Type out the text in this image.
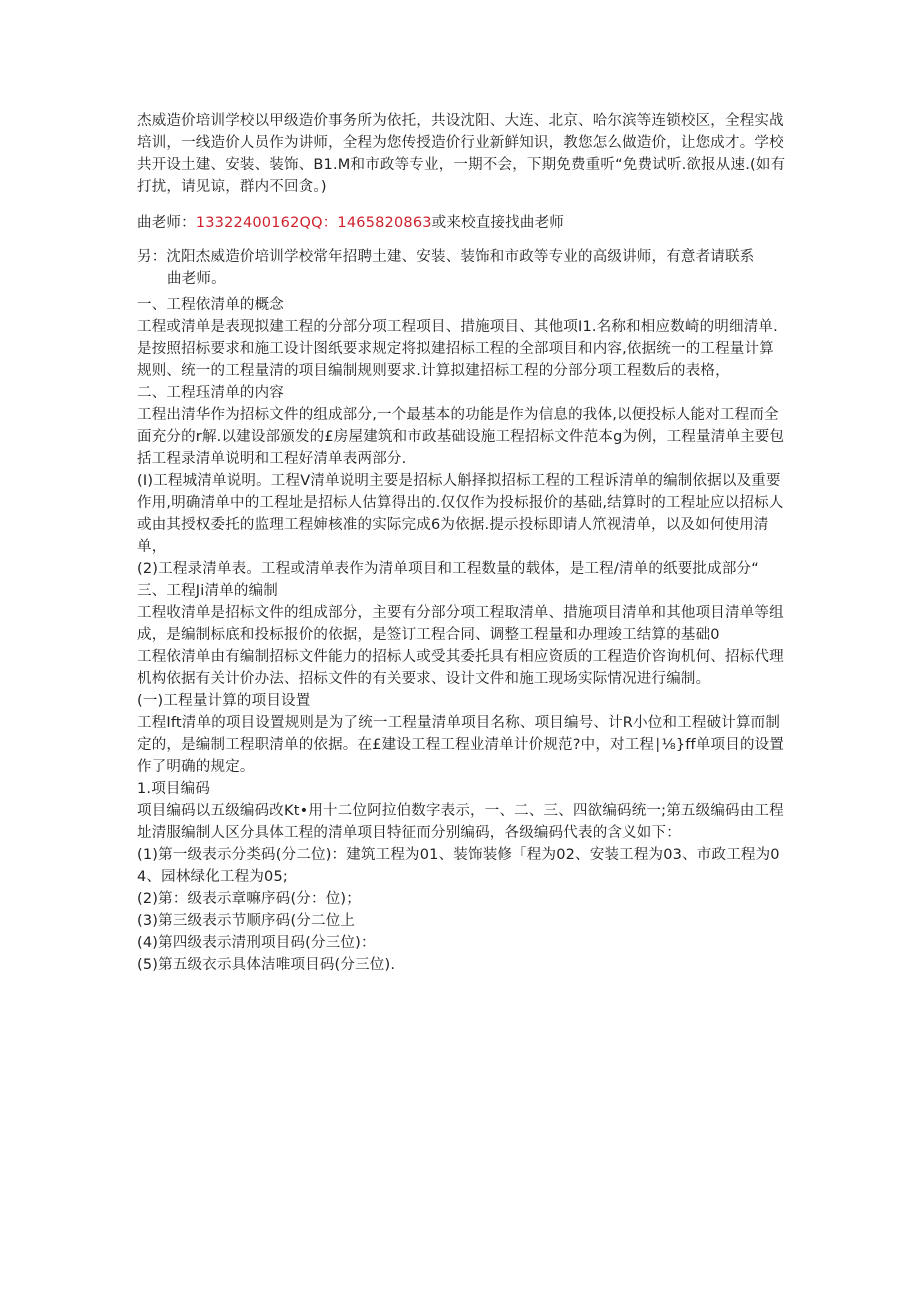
杰威造价培训学校以甲级造价事务所为依托，共设沈阳、大连、北京、哈尔滨等连锁校区，全程实战培训，一线造价人员作为讲师，全程为您传授造价行业新鲜知识，教您怎么做造价，让您成才。学校共开设土建、安装、装饰、B1.M和市政等专业，一期不会，下期免费重听“免费试听.欲报从速.(如有打扰，请见谅，群内不回贪。)

曲老师：13322400162QQ：1465820863或来校直接找曲老师

另：沈阳杰威造价培训学校常年招聘土建、安装、装饰和市政等专业的高级讲师，有意者请联系
曲老师。

一、工程依清单的概念

工程或清单是表现拟建工程的分部分项工程项目、措施项目、其他项I1.名称和相应数崎的明细清单.是按照招标要求和施工设计图纸要求规定将拟建招标工程的全部项目和内容,依据统一的工程量计算规则、统一的工程量清的项目编制规则要求.计算拟建招标工程的分部分项工程数后的表格，

二、工程珏清单的内容

工程出清华作为招标文件的组成部分,一个最基本的功能是作为信息的我体,以便投标人能对工程而全面充分的r解.以建设部颁发的£房屋建筑和市政基础设施工程招标文件范本g为例，工程量清单主要包括工程录清单说明和工程好清单表两部分.

(I)工程城清单说明。工程V清单说明主要是招标人斛择拟招标工程的工程诉清单的编制依据以及重要作用,明确清单中的工程址是招标人估算得出的.仅仅作为投标报价的基础,结算时的工程址应以招标人或由其授权委托的监理工程婶核准的实际完成6为依据.提示投标即请人笊视清单，以及如何使用清单，

(2)工程录清单表。工程或清单表作为清单项目和工程数量的载体，是工程/清单的纸要批成部分“

三、工程Ji清单的编制

工程收清单是招标文件的组成部分，主要有分部分项工程取清单、措施项目清单和其他项目清单等组成，是编制标底和投标报价的依据，是签订工程合同、调整工程量和办理竣工结算的基础0

工程依清单由有编制招标文件能力的招标人或受其委托具有相应资质的工程造价咨询机何、招标代理机构依据有关计价办法、招标文件的有关要求、设计文件和施工现场实际情况进行编制。

(一)工程量计算的项目设置

工程Ift清单的项目设置规则是为了统一工程量清单项目名称、项目编号、计R小位和工程破计算而制定的，是编制工程职清单的依据。在£建设工程工程业清单计价规范?中，对工程∣⅛}ff单项目的设置作了明确的规定。

1.项目编码

项目编码以五级编码改Kt•用十二位阿拉伯数字表示，一、二、三、四欲编码统一;第五级编码由工程址清服编制人区分具体工程的清单项目特征而分别编码，各级编码代表的含义如下：

(1)第一级表示分类码(分二位)：建筑工程为01、装饰装修「程为02、安装工程为03、市政工程为04、园林绿化工程为05;

(2)第：级表示章嘛序码(分：位)；

(3)第三级表示节顺序码(分二位上

(4)第四级表示清刑项目码(分三位)：

(5)第五级衣示具体洁唯项目码(分三位).
